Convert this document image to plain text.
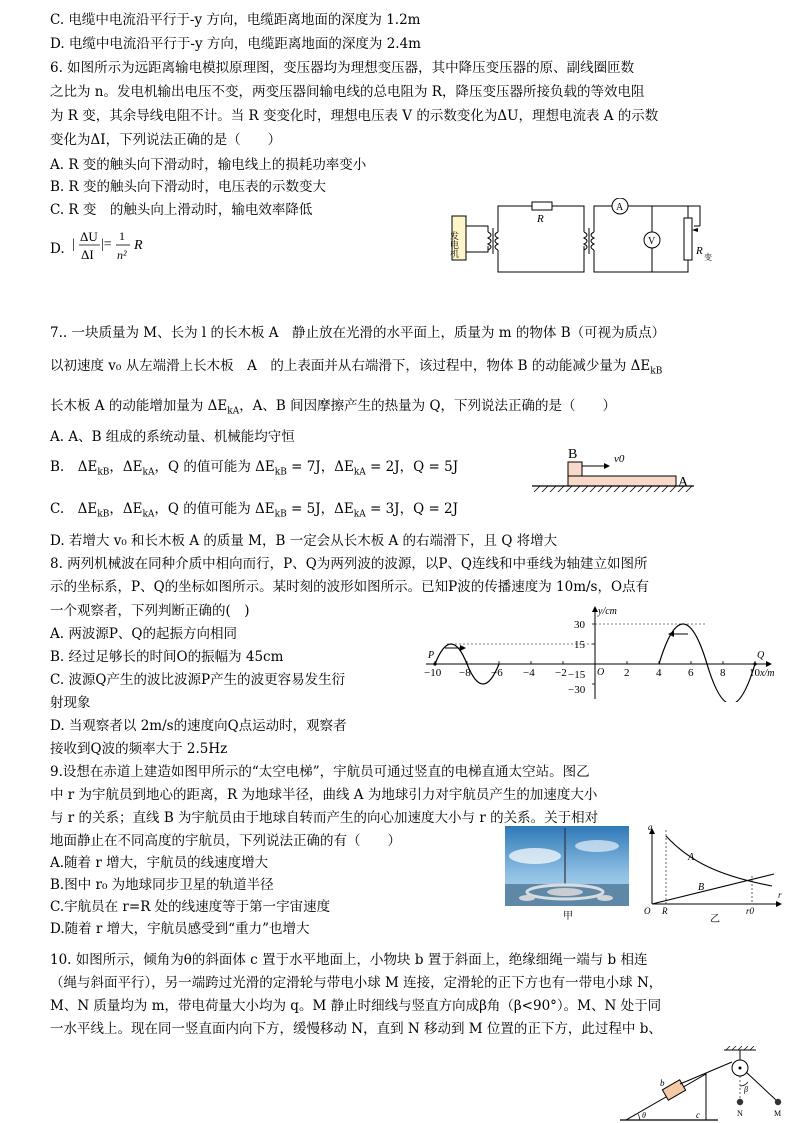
C. 电缆中电流沿平行于-y 方向，电缆距离地面的深度为 1.2m
D. 电缆中电流沿平行于-y 方向，电缆距离地面的深度为 2.4m
6. 如图所示为远距离输电模拟原理图，变压器均为理想变压器，其中降压变压器的原、副线圈匝数
之比为 n。发电机输出电压不变，两变压器间输电线的总电阻为 R，降压变压器所接负载的等效电阻
为 R 变，其余导线电阻不计。当 R 变变化时，理想电压表 V 的示数变化为ΔU，理想电流表 A 的示数
变化为ΔI，下列说法正确的是（　　）
A. R 变的触头向下滑动时，输电线上的损耗功率变小
B. R 变的触头向下滑动时，电压表的示数变大
C. R 变　的触头向上滑动时，输电效率降低
D. |
ΔU
ΔI
|=
1
n²
R	发电机
R
A
V
R
变
7.. 一块质量为 M、长为 l 的长木板 A　静止放在光滑的水平面上，质量为 m 的物体 B（可视为质点）
以初速度 v₀ 从左端滑上长木板　A　的上表面并从右端滑下，该过程中，物体 B 的动能减少量为 $\Delta E_{kB}$
长木板 A 的动能增加量为 $\Delta E_{kA}$，A、B 间因摩擦产生的热量为 Q，下列说法正确的是（　　）
A. A、B 组成的系统动量、机械能均守恒
B.　$\Delta E_{kB}$，$\Delta E_{kA}$，Q 的值可能为 $\Delta E_{kB} = 7J$，$\Delta E_{kA} = 2J$，Q = 5J
C.　$\Delta E_{kB}$，$\Delta E_{kA}$，Q 的值可能为 $\Delta E_{kB} = 5J$，$\Delta E_{kA} = 3J$，Q = 2J
D. 若增大 v₀ 和长木板 A 的质量 M，B 一定会从长木板 A 的右端滑下，且 Q 将增大
B
A
v0
8. 两列机械波在同种介质中相向而行，P、Q为两列波的波源，以P、Q连线和中垂线为轴建立如图所
示的坐标系，P、Q的坐标如图所示。某时刻的波形如图所示。已知P波的传播速度为 10m/s，O点有
一个观察者，下列判断正确的(　)
A. 两波源P、Q的起振方向相同
B. 经过足够长的时间O的振幅为 45cm
C. 波源Q产生的波比波源P产生的波更容易发生衍
射现象
D. 当观察者以 2m/s的速度向Q点运动时，观察者
接收到Q波的频率大于 2.5Hz
y/cm
x/m
P	Q
O
30
15
−15
−30
−10 −8 −6 −4 −2	2 4 6 8 10
9.设想在赤道上建造如图甲所示的“太空电梯”，宇航员可通过竖直的电梯直通太空站。图乙
中 r 为宇航员到地心的距离，R 为地球半径，曲线 A 为地球引力对宇航员产生的加速度大小
与 r 的关系；直线 B 为宇航员由于地球自转而产生的向心加速度大小与 r 的关系。关于相对
地面静止在不同高度的宇航员，下列说法正确的有（　　）
A.随着 r 增大，宇航员的线速度增大
B.图中 r₀ 为地球同步卫星的轨道半径
C.宇航员在 r=R 处的线速度等于第一宇宙速度
D.随着 r 增大，宇航员感受到“重力”也增大
甲
a
A
B
O R	r0
r
乙
10. 如图所示，倾角为θ的斜面体 c 置于水平地面上，小物块 b 置于斜面上，绝缘细绳一端与 b 相连
（绳与斜面平行），另一端跨过光滑的定滑轮与带电小球 M 连接，定滑轮的正下方也有一带电小球 N，
M、N 质量均为 m，带电荷量大小均为 q。M 静止时细线与竖直方向成β角（β<90°）。M、N 处于同
一水平线上。现在同一竖直面内向下方，缓慢移动 N，直到 N 移动到 M 位置的正下方，此过程中 b、
b
c
θ
β
N	M
